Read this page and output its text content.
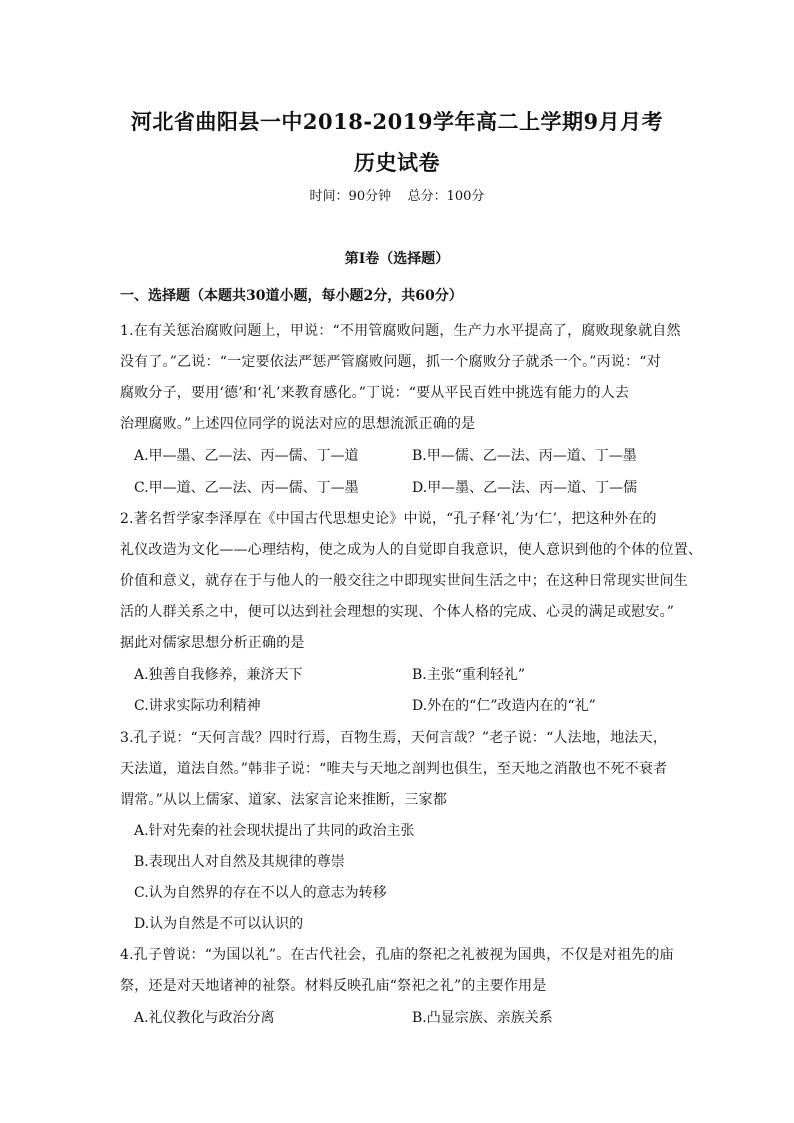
河北省曲阳县一中2018-2019学年高二上学期9月月考
历史试卷
时间：90分钟    总分：100分
第Ⅰ卷（选择题）
一、选择题（本题共30道小题，每小题2分，共60分）
1.在有关惩治腐败问题上，甲说：“不用管腐败问题，生产力水平提高了，腐败现象就自然
没有了。”乙说：“一定要依法严惩严管腐败问题，抓一个腐败分子就杀一个。”丙说：“对
腐败分子，要用‘德’和‘礼’来教育感化。”丁说：“要从平民百姓中挑选有能力的人去
治理腐败。”上述四位同学的说法对应的思想流派正确的是
A.甲—墨、乙—法、丙—儒、丁—道	B.甲—儒、乙—法、丙—道、丁—墨
C.甲—道、乙—法、丙—儒、丁—墨	D.甲—墨、乙—法、丙—道、丁—儒
2.著名哲学家李泽厚在《中国古代思想史论》中说，“孔子释‘礼’为‘仁’，把这种外在的
礼仪改造为文化——心理结构，使之成为人的自觉即自我意识，使人意识到他的个体的位置、
价值和意义，就存在于与他人的一般交往之中即现实世间生活之中；在这种日常现实世间生
活的人群关系之中，便可以达到社会理想的实现、个体人格的完成、心灵的满足或慰安。”
据此对儒家思想分析正确的是
A.独善自我修养，兼济天下	B.主张“重利轻礼”
C.讲求实际功利精神	D.外在的“仁”改造内在的“礼”
3.孔子说：“天何言哉？四时行焉，百物生焉，天何言哉？”老子说：“人法地，地法天，
天法道，道法自然。”韩非子说：“唯夫与天地之剖判也俱生，至天地之消散也不死不衰者
谓常。”从以上儒家、道家、法家言论来推断，三家都
A.针对先秦的社会现状提出了共同的政治主张
B.表现出人对自然及其规律的尊崇
C.认为自然界的存在不以人的意志为转移
D.认为自然是不可以认识的
4.孔子曾说：“为国以礼”。在古代社会，孔庙的祭祀之礼被视为国典，不仅是对祖先的庙
祭，还是对天地诸神的祉祭。材料反映孔庙“祭祀之礼”的主要作用是
A.礼仪教化与政治分离	B.凸显宗族、亲族关系
